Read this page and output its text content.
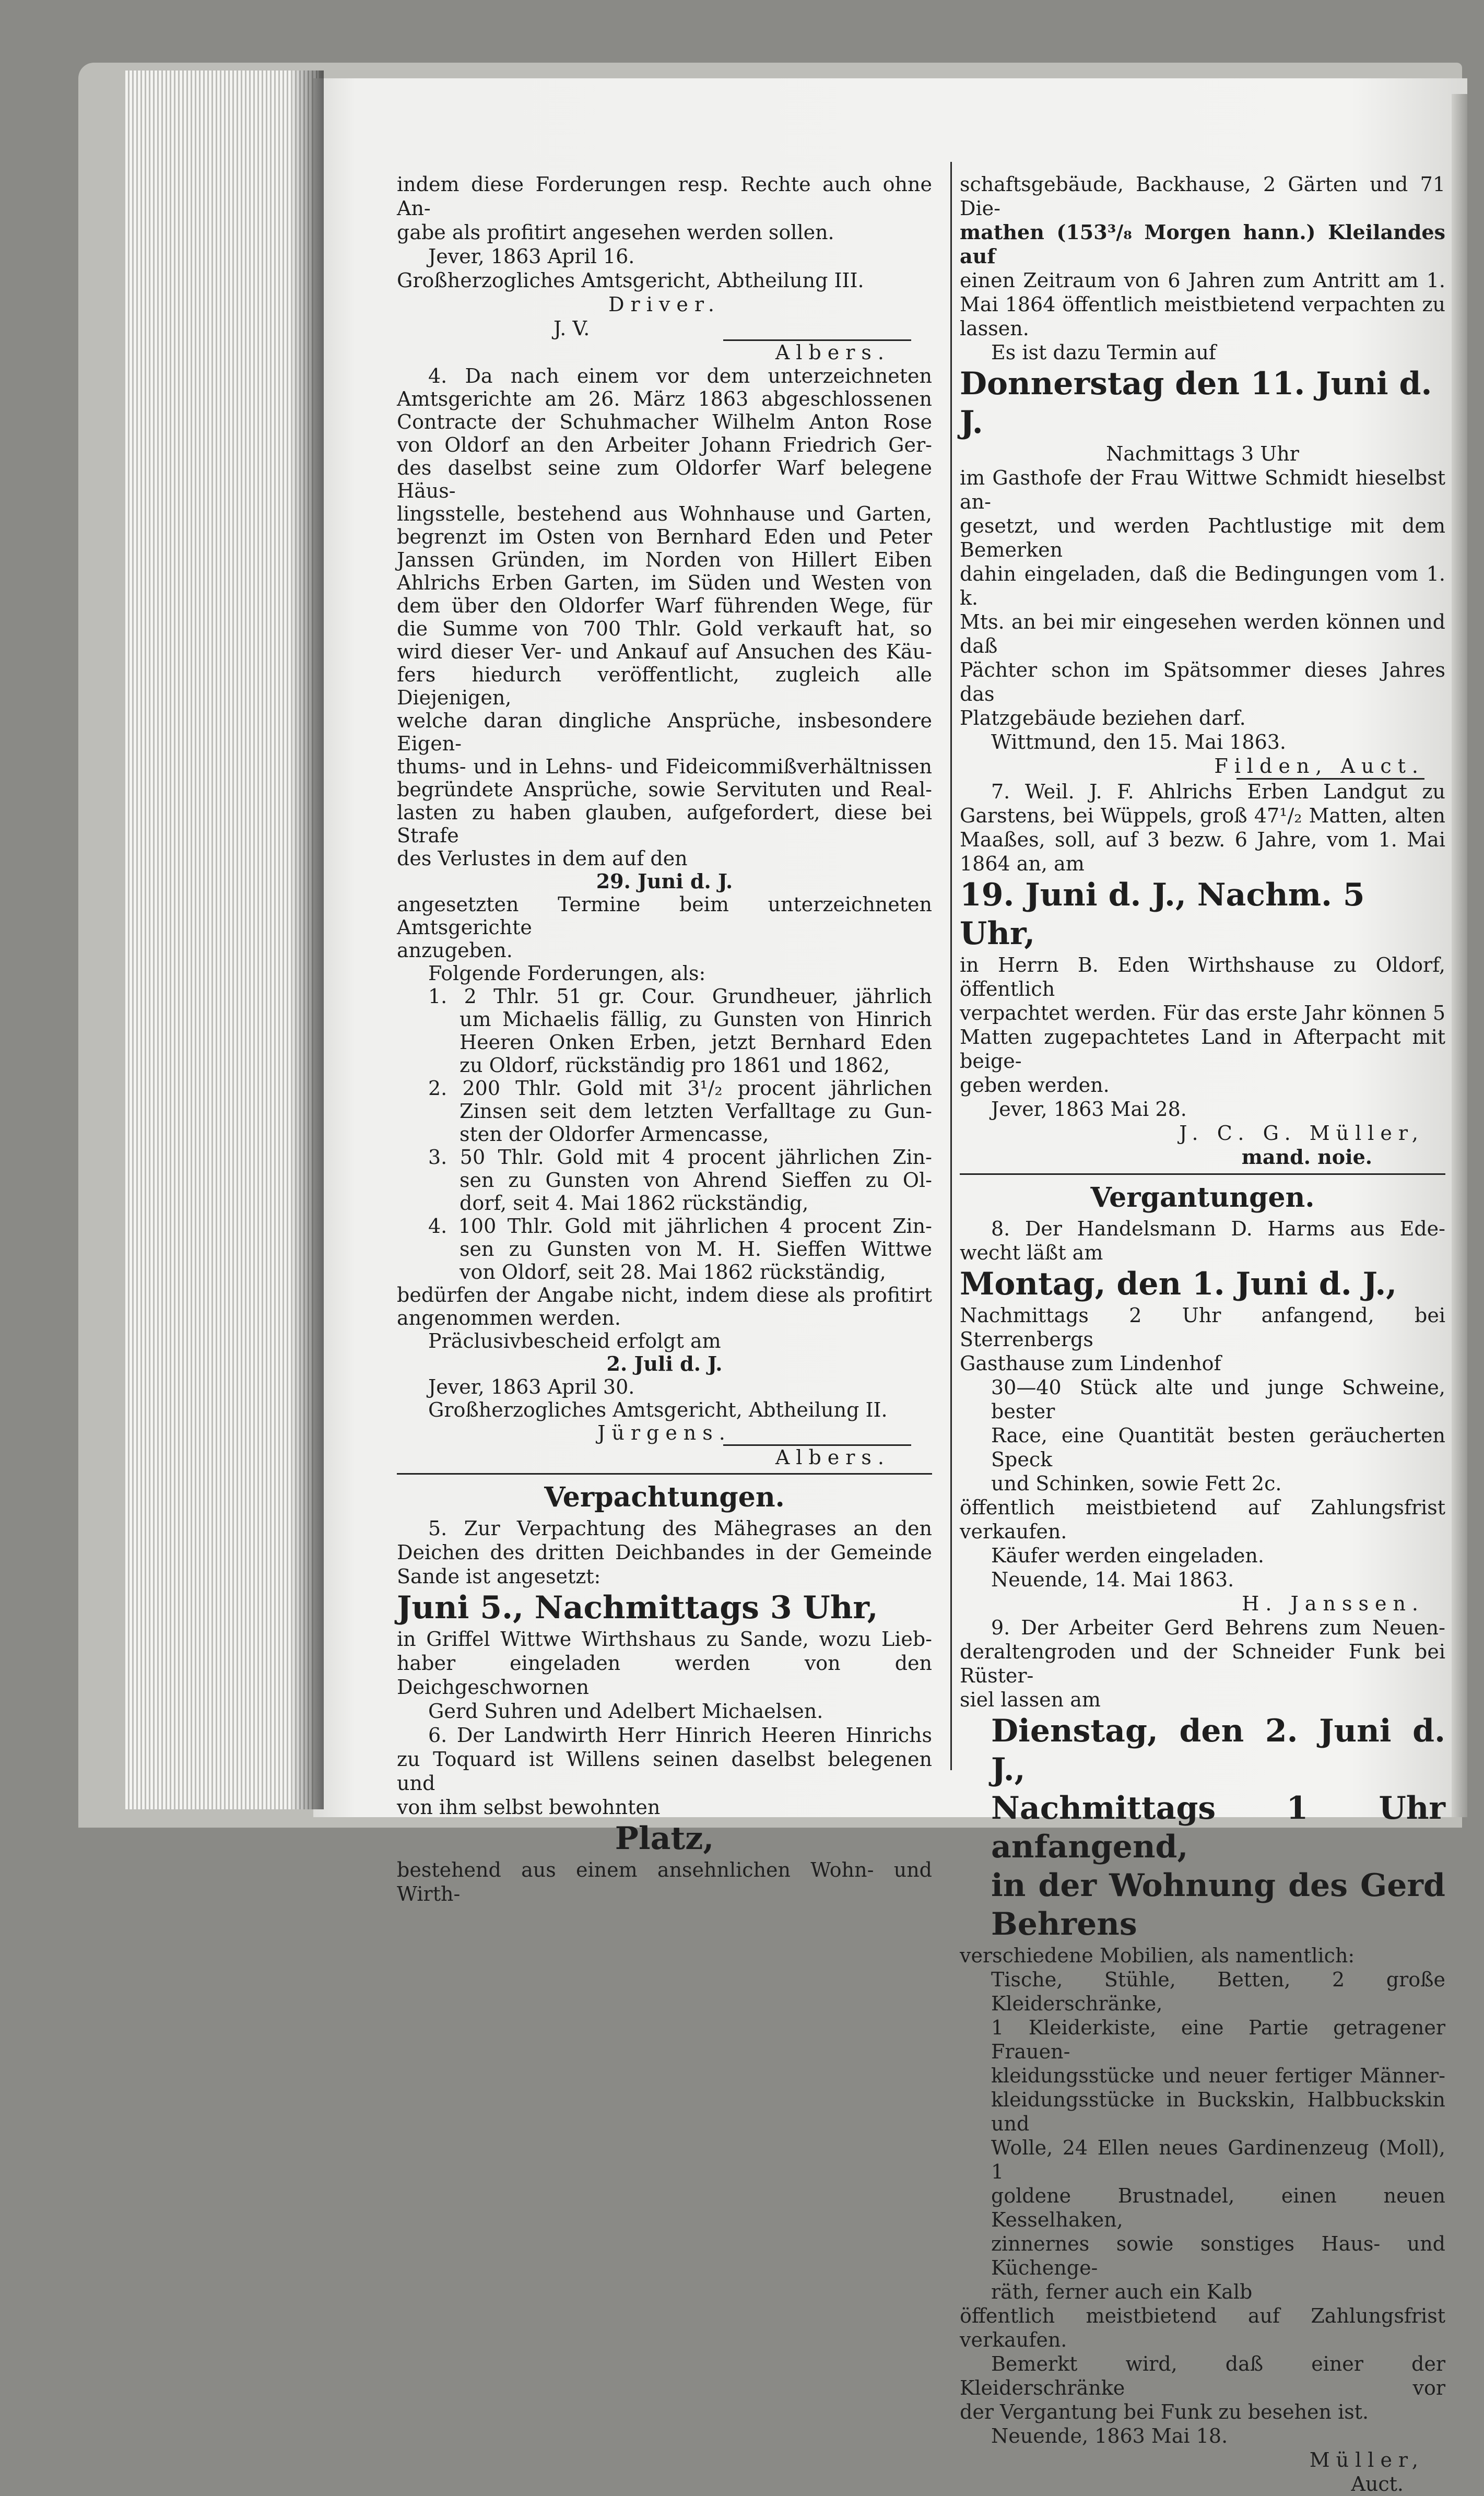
indem diese Forderungen resp. Rechte auch ohne An-

gabe als profitirt angesehen werden sollen.

Jever, 1863 April 16.

Großherzogliches Amtsgericht, Abtheilung III.

Driver.

J. V.

Albers.

4. Da nach einem vor dem unterzeichneten

Amtsgerichte am 26. März 1863 abgeschlossenen

Contracte der Schuhmacher Wilhelm Anton Rose

von Oldorf an den Arbeiter Johann Friedrich Ger-

des daselbst seine zum Oldorfer Warf belegene Häus-

lingsstelle, bestehend aus Wohnhause und Garten,

begrenzt im Osten von Bernhard Eden und Peter

Janssen Gründen, im Norden von Hillert Eiben

Ahlrichs Erben Garten, im Süden und Westen von

dem über den Oldorfer Warf führenden Wege, für

die Summe von 700 Thlr. Gold verkauft hat, so

wird dieser Ver- und Ankauf auf Ansuchen des Käu-

fers hiedurch veröffentlicht, zugleich alle Diejenigen,

welche daran dingliche Ansprüche, insbesondere Eigen-

thums- und in Lehns- und Fideicommißverhältnissen

begründete Ansprüche, sowie Servituten und Real-

lasten zu haben glauben, aufgefordert, diese bei Strafe

des Verlustes in dem auf den

29. Juni d. J.

angesetzten Termine beim unterzeichneten Amtsgerichte

anzugeben.

Folgende Forderungen, als:

1. 2 Thlr. 51 gr. Cour. Grundheuer, jährlich

um Michaelis fällig, zu Gunsten von Hinrich

Heeren Onken Erben, jetzt Bernhard Eden

zu Oldorf, rückständig pro 1861 und 1862,

2. 200 Thlr. Gold mit 3¹/₂ procent jährlichen

Zinsen seit dem letzten Verfalltage zu Gun-

sten der Oldorfer Armencasse,

3. 50 Thlr. Gold mit 4 procent jährlichen Zin-

sen zu Gunsten von Ahrend Sieffen zu Ol-

dorf, seit 4. Mai 1862 rückständig,

4. 100 Thlr. Gold mit jährlichen 4 procent Zin-

sen zu Gunsten von M. H. Sieffen Wittwe

von Oldorf, seit 28. Mai 1862 rückständig,

bedürfen der Angabe nicht, indem diese als profitirt

angenommen werden.

Präclusivbescheid erfolgt am

2. Juli d. J.

Jever, 1863 April 30.

Großherzogliches Amtsgericht, Abtheilung II.

Jürgens.

Albers.

Verpachtungen.

5. Zur Verpachtung des Mähegrases an den

Deichen des dritten Deichbandes in der Gemeinde

Sande ist angesetzt:

Juni 5., Nachmittags 3 Uhr,

in Griffel Wittwe Wirthshaus zu Sande, wozu Lieb-

haber eingeladen werden von den Deichgeschwornen

Gerd Suhren und Adelbert Michaelsen.

6. Der Landwirth Herr Hinrich Heeren Hinrichs

zu Toquard ist Willens seinen daselbst belegenen und

von ihm selbst bewohnten

Platz,

bestehend aus einem ansehnlichen Wohn- und Wirth-

schaftsgebäude, Backhause, 2 Gärten und 71 Die-

mathen (153³/₈ Morgen hann.) Kleilandes auf

einen Zeitraum von 6 Jahren zum Antritt am 1.

Mai 1864 öffentlich meistbietend verpachten zu lassen.

Es ist dazu Termin auf

Donnerstag den 11. Juni d. J.

Nachmittags 3 Uhr

im Gasthofe der Frau Wittwe Schmidt hieselbst an-

gesetzt, und werden Pachtlustige mit dem Bemerken

dahin eingeladen, daß die Bedingungen vom 1. k.

Mts. an bei mir eingesehen werden können und daß

Pächter schon im Spätsommer dieses Jahres das

Platzgebäude beziehen darf.

Wittmund, den 15. Mai 1863.

Filden, Auct.

7. Weil. J. F. Ahlrichs Erben Landgut zu

Garstens, bei Wüppels, groß 47¹/₂ Matten, alten

Maaßes, soll, auf 3 bezw. 6 Jahre, vom 1. Mai

1864 an, am

19. Juni d. J., Nachm. 5 Uhr,

in Herrn B. Eden Wirthshause zu Oldorf, öffentlich

verpachtet werden. Für das erste Jahr können 5

Matten zugepachtetes Land in Afterpacht mit beige-

geben werden.

Jever, 1863 Mai 28.

J. C. G. Müller,

mand. noie.

Vergantungen.

8. Der Handelsmann D. Harms aus Ede-

wecht läßt am

Montag, den 1. Juni d. J.,

Nachmittags 2 Uhr anfangend, bei Sterrenbergs

Gasthause zum Lindenhof

30—40 Stück alte und junge Schweine, bester

Race, eine Quantität besten geräucherten Speck

und Schinken, sowie Fett 2c.

öffentlich meistbietend auf Zahlungsfrist verkaufen.

Käufer werden eingeladen.

Neuende, 14. Mai 1863.

H. Janssen.

9. Der Arbeiter Gerd Behrens zum Neuen-

deraltengroden und der Schneider Funk bei Rüster-

siel lassen am

Dienstag, den 2. Juni d. J.,

Nachmittags 1 Uhr anfangend,

in der Wohnung des Gerd

Behrens

verschiedene Mobilien, als namentlich:

Tische, Stühle, Betten, 2 große Kleiderschränke,

1 Kleiderkiste, eine Partie getragener Frauen-

kleidungsstücke und neuer fertiger Männer-

kleidungsstücke in Buckskin, Halbbuckskin und

Wolle, 24 Ellen neues Gardinenzeug (Moll), 1

goldene Brustnadel, einen neuen Kesselhaken,

zinnernes sowie sonstiges Haus- und Küchenge-

räth, ferner auch ein Kalb

öffentlich meistbietend auf Zahlungsfrist verkaufen.

Bemerkt wird, daß einer der Kleiderschränke vor

der Vergantung bei Funk zu besehen ist.

Neuende, 1863 Mai 18.

Müller,

Auct.
